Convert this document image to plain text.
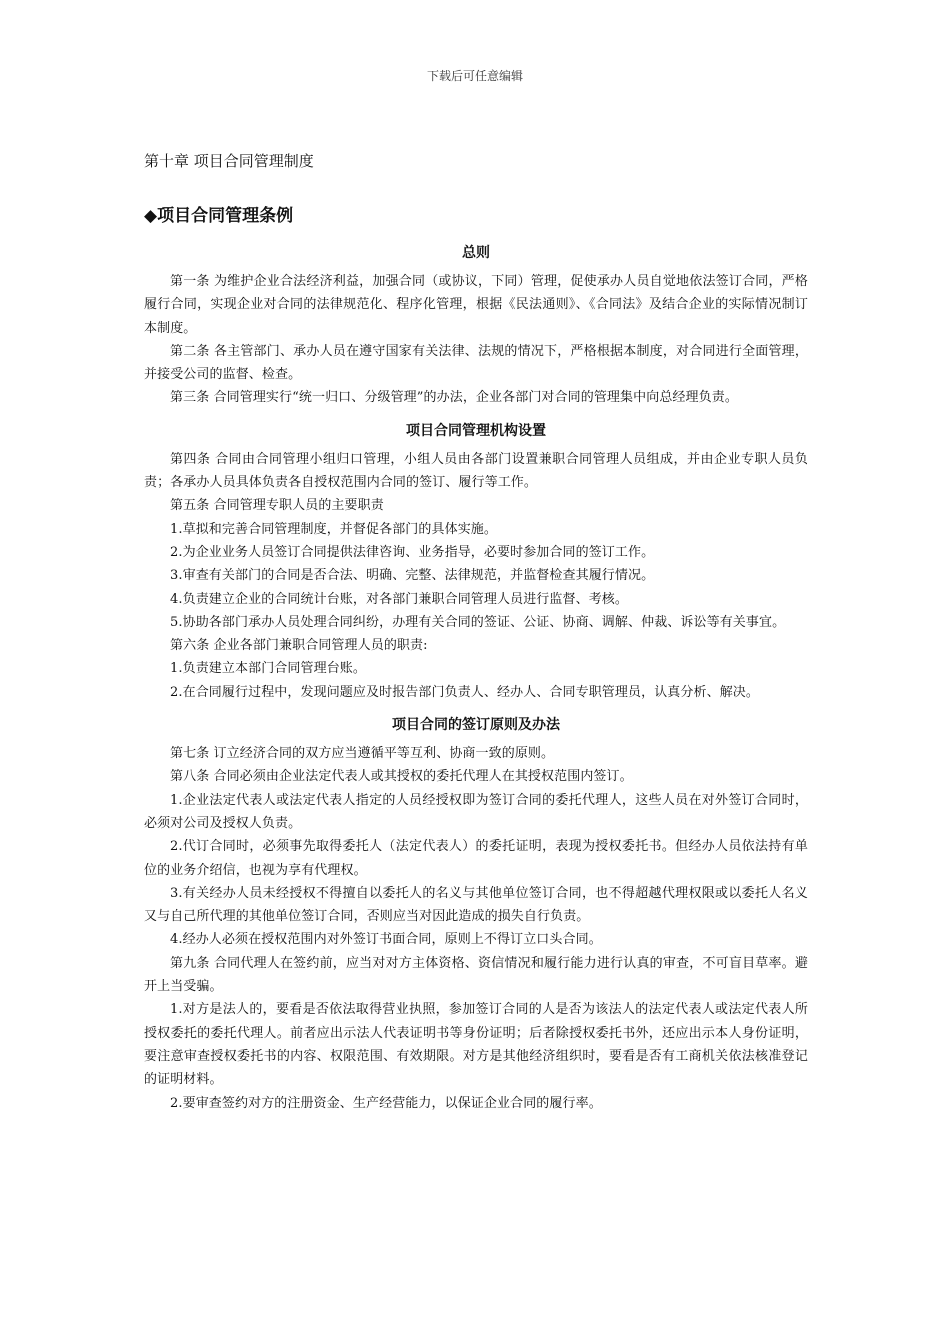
下载后可任意编辑
第十章 项目合同管理制度
◆项目合同管理条例
总则

第一条 为维护企业合法经济利益，加强合同（或协议，下同）管理，促使承办人员自觉地依法签订合同，严格履行合同，实现企业对合同的法律规范化、程序化管理，根据《民法通则》、《合同法》及结合企业的实际情况制订本制度。

第二条 各主管部门、承办人员在遵守国家有关法律、法规的情况下，严格根据本制度，对合同进行全面管理，并接受公司的监督、检查。

第三条 合同管理实行“统一归口、分级管理”的办法，企业各部门对合同的管理集中向总经理负责。

项目合同管理机构设置

第四条 合同由合同管理小组归口管理，小组人员由各部门设置兼职合同管理人员组成，并由企业专职人员负责；各承办人员具体负责各自授权范围内合同的签订、履行等工作。

第五条 合同管理专职人员的主要职责

1.草拟和完善合同管理制度，并督促各部门的具体实施。

2.为企业业务人员签订合同提供法律咨询、业务指导，必要时参加合同的签订工作。

3.审查有关部门的合同是否合法、明确、完整、法律规范，并监督检查其履行情况。

4.负责建立企业的合同统计台账，对各部门兼职合同管理人员进行监督、考核。

5.协助各部门承办人员处理合同纠纷，办理有关合同的签证、公证、协商、调解、仲裁、诉讼等有关事宜。

第六条 企业各部门兼职合同管理人员的职责:

1.负责建立本部门合同管理台账。

2.在合同履行过程中，发现问题应及时报告部门负责人、经办人、合同专职管理员，认真分析、解决。

项目合同的签订原则及办法

第七条 订立经济合同的双方应当遵循平等互利、协商一致的原则。

第八条 合同必须由企业法定代表人或其授权的委托代理人在其授权范围内签订。

1.企业法定代表人或法定代表人指定的人员经授权即为签订合同的委托代理人，这些人员在对外签订合同时，必须对公司及授权人负责。

2.代订合同时，必须事先取得委托人（法定代表人）的委托证明，表现为授权委托书。但经办人员依法持有单位的业务介绍信，也视为享有代理权。

3.有关经办人员未经授权不得擅自以委托人的名义与其他单位签订合同，也不得超越代理权限或以委托人名义又与自己所代理的其他单位签订合同，否则应当对因此造成的损失自行负责。

4.经办人必须在授权范围内对外签订书面合同，原则上不得订立口头合同。

第九条 合同代理人在签约前，应当对对方主体资格、资信情况和履行能力进行认真的审查，不可盲目草率。避开上当受骗。

1.对方是法人的，要看是否依法取得营业执照，参加签订合同的人是否为该法人的法定代表人或法定代表人所授权委托的委托代理人。前者应出示法人代表证明书等身份证明；后者除授权委托书外，还应出示本人身份证明，要注意审查授权委托书的内容、权限范围、有效期限。对方是其他经济组织时，要看是否有工商机关依法核准登记的证明材料。

2.要审查签约对方的注册资金、生产经营能力，以保证企业合同的履行率。
